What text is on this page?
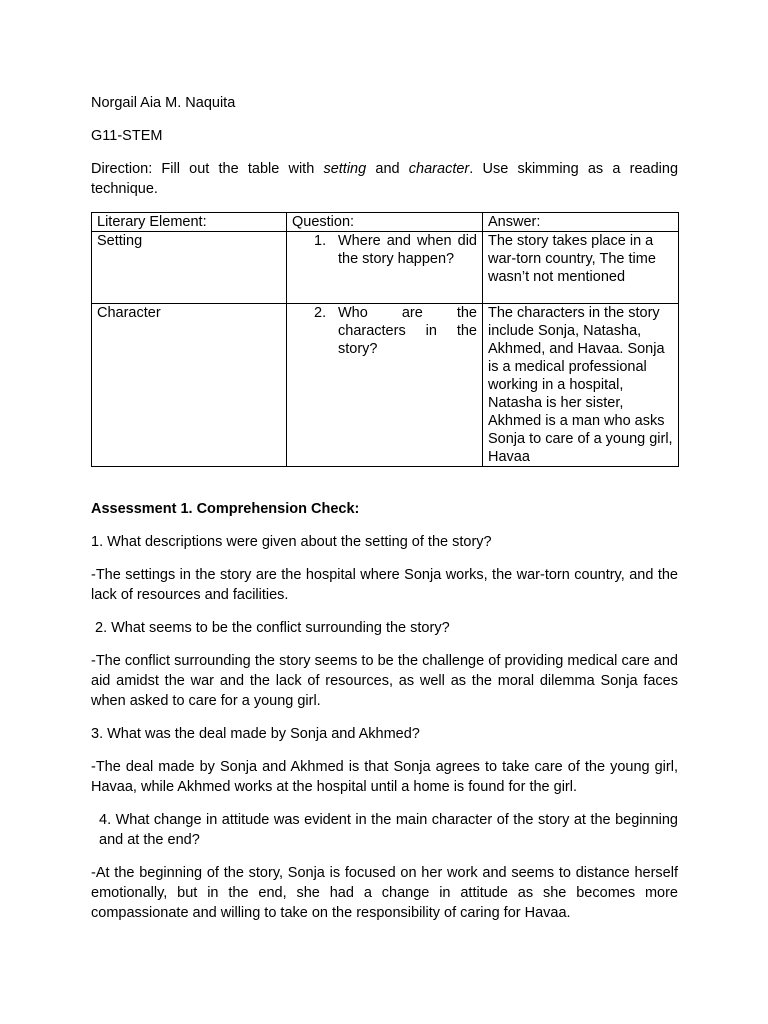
Norgail Aia M. Naquita

G11-STEM

Direction: Fill out the table with setting and character. Use skimming as a reading technique.

Literary Element:	Question:	Answer:
Setting	1. Where and when did the story happen?	The story takes place in a war-torn country, The time wasn’t not mentioned
Character	2. Who are the characters in the story?	The characters in the story include Sonja, Natasha, Akhmed, and Havaa. Sonja is a medical professional working in a hospital, Natasha is her sister, Akhmed is a man who asks Sonja to care of a young girl, Havaa

Assessment 1. Comprehension Check:

1. What descriptions were given about the setting of the story?

-The settings in the story are the hospital where Sonja works, the war-torn country, and the lack of resources and facilities.

2. What seems to be the conflict surrounding the story?

-The conflict surrounding the story seems to be the challenge of providing medical care and aid amidst the war and the lack of resources, as well as the moral dilemma Sonja faces when asked to care for a young girl.

3. What was the deal made by Sonja and Akhmed?

-The deal made by Sonja and Akhmed is that Sonja agrees to take care of the young girl, Havaa, while Akhmed works at the hospital until a home is found for the girl.

4. What change in attitude was evident in the main character of the story at the beginning and at the end?

-At the beginning of the story, Sonja is focused on her work and seems to distance herself emotionally, but in the end, she had a change in attitude as she becomes more compassionate and willing to take on the responsibility of caring for Havaa.
